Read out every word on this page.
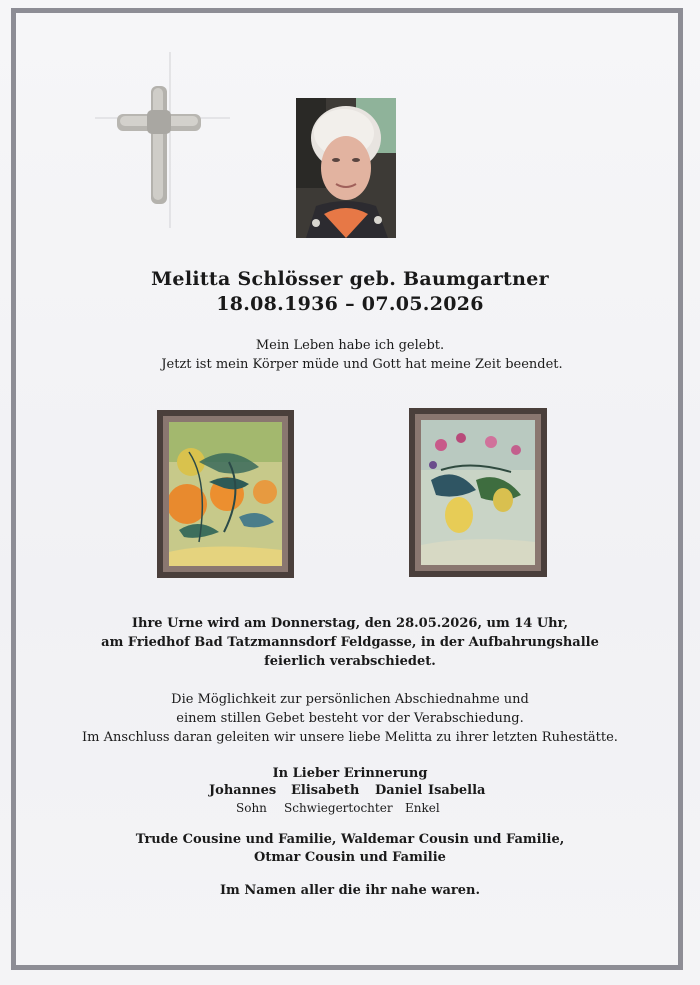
Melitta Schlösser geb. Baumgartner
18.08.1936 – 07.05.2026
Mein Leben habe ich gelebt.
Jetzt ist mein Körper müde und Gott hat meine Zeit beendet.
Ihre Urne wird am Donnerstag, den 28.05.2026, um 14 Uhr,
am Friedhof Bad Tatzmannsdorf Feldgasse, in der Aufbahrungshalle
feierlich verabschiedet.
Die Möglichkeit zur persönlichen Abschiednahme und
einem stillen Gebet besteht vor der Verabschiedung.
Im Anschluss daran geleiten wir unsere liebe Melitta zu ihrer letzten Ruhestätte.
In Lieber Erinnerung
Johannes Elisabeth Daniel Isabella
Sohn Schwiegertochter Enkel
Trude Cousine und Familie, Waldemar Cousin und Familie,
Otmar Cousin und Familie
Im Namen aller die ihr nahe waren.
